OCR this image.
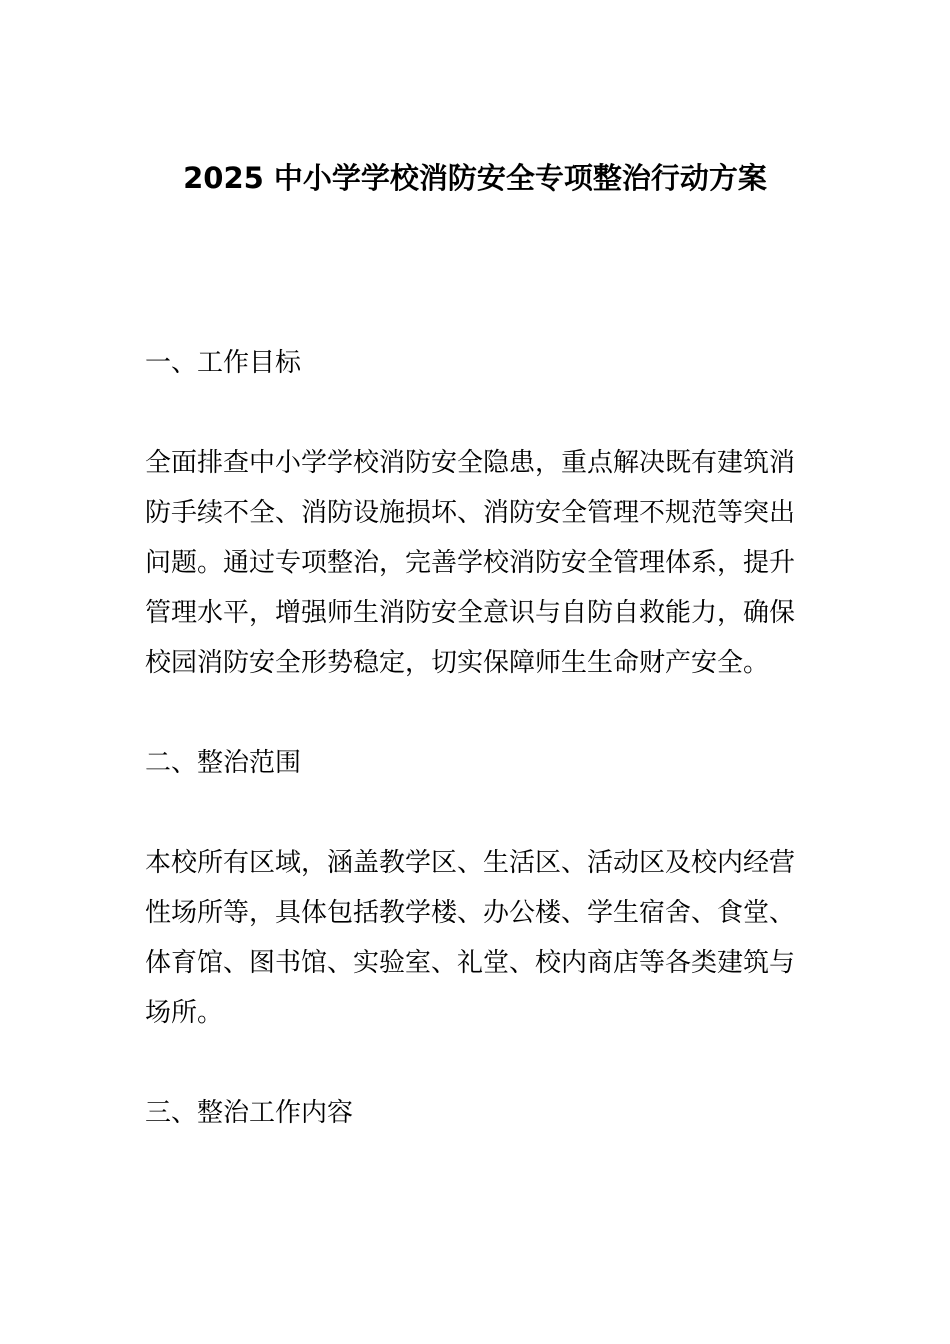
2025 中小学学校消防安全专项整治行动方案
一、工作目标
全面排查中小学学校消防安全隐患，重点解决既有建筑消
防手续不全、消防设施损坏、消防安全管理不规范等突出
问题。通过专项整治，完善学校消防安全管理体系，提升
管理水平，增强师生消防安全意识与自防自救能力，确保
校园消防安全形势稳定，切实保障师生生命财产安全。
二、整治范围
本校所有区域，涵盖教学区、生活区、活动区及校内经营
性场所等，具体包括教学楼、办公楼、学生宿舍、食堂、
体育馆、图书馆、实验室、礼堂、校内商店等各类建筑与
场所。
三、整治工作内容
